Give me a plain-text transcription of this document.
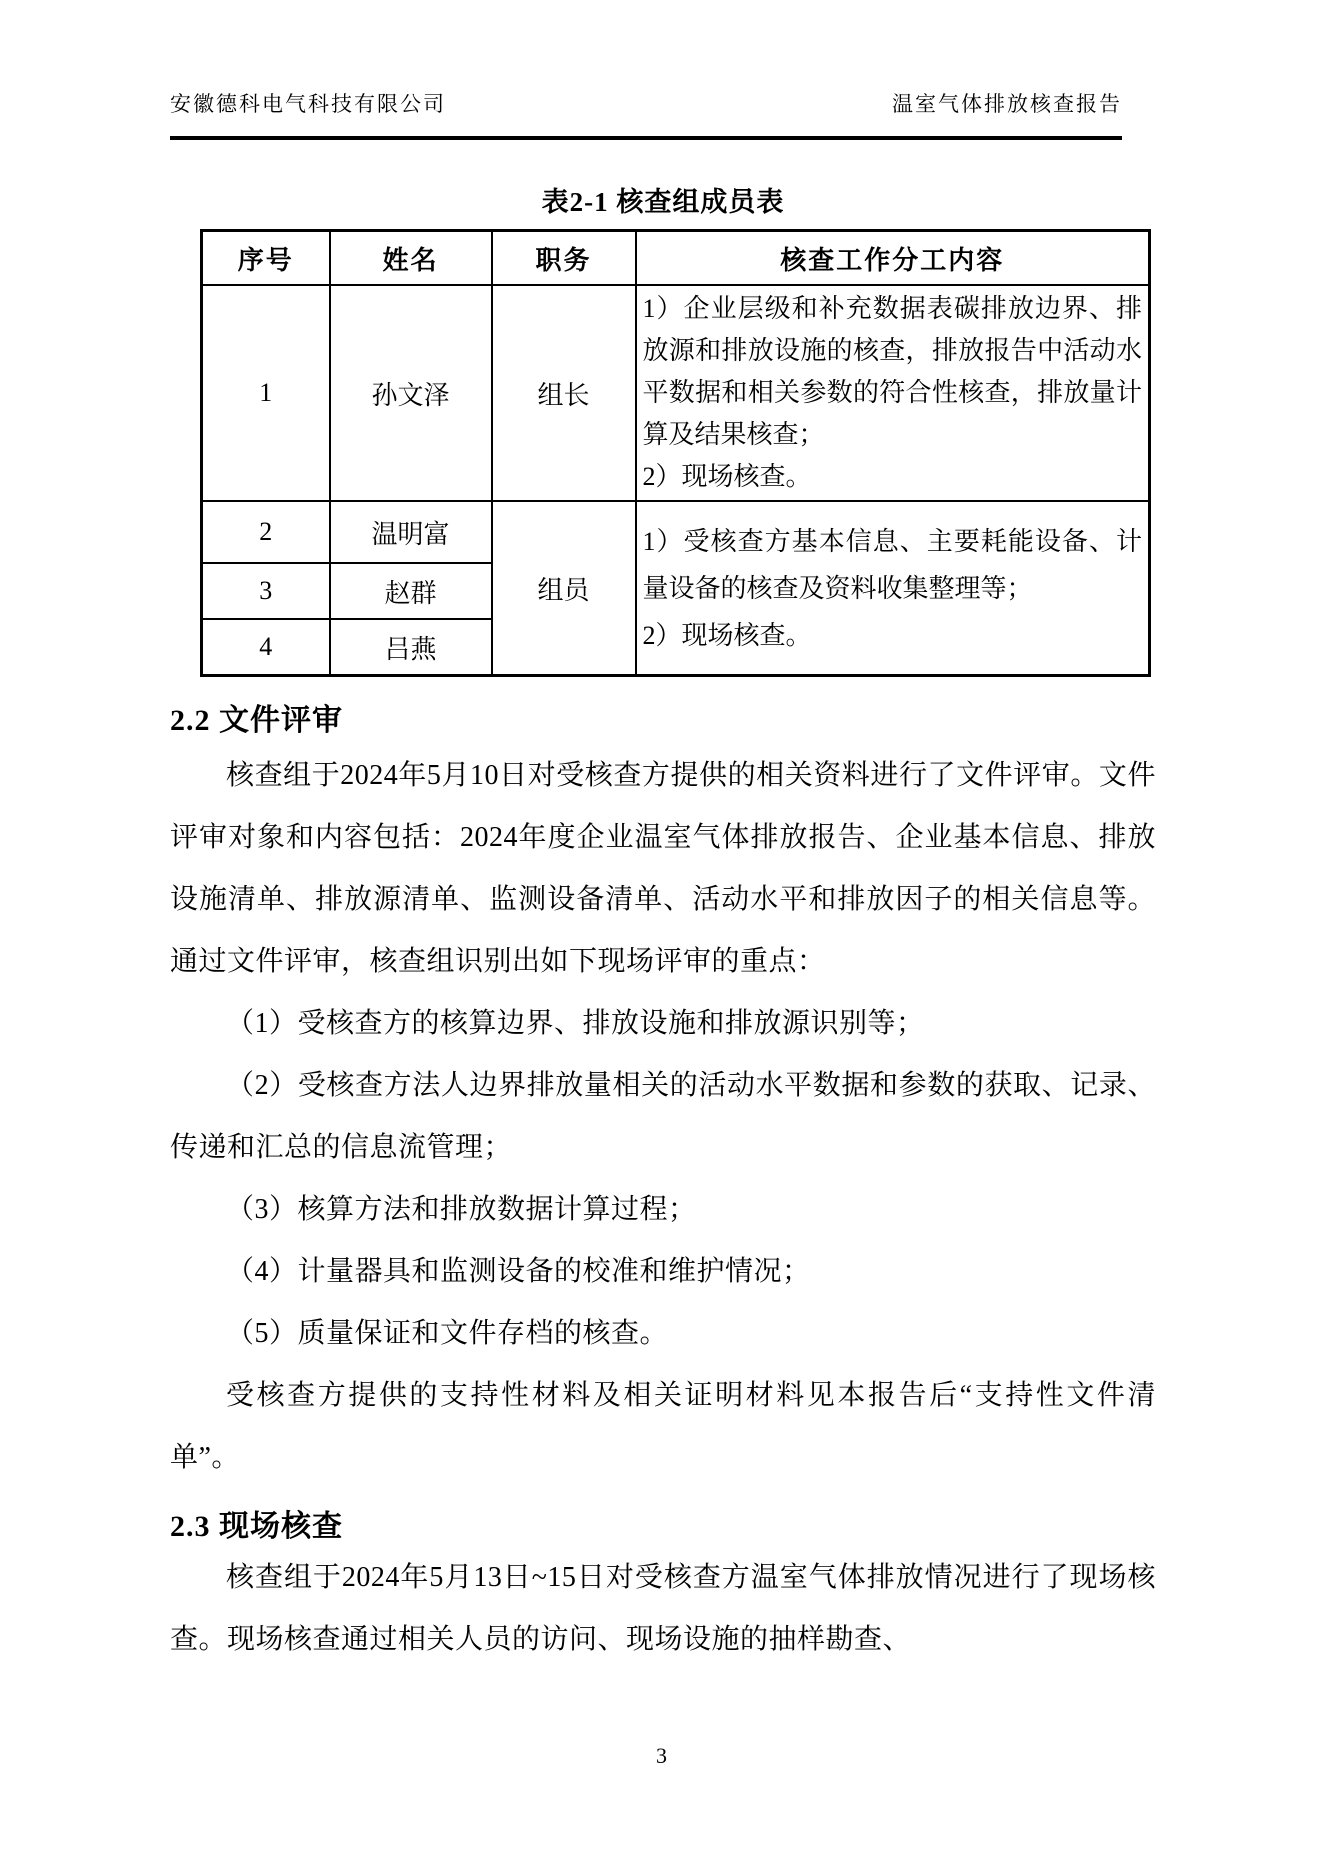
安徽德科电气科技有限公司	温室气体排放核查报告
表2-1 核查组成员表
序号	姓名	职务	核查工作分工内容
1	孙文泽	组长	1）企业层级和补充数据表碳排放边界、排放源和排放设施的核查，排放报告中活动水平数据和相关参数的符合性核查，排放量计算及结果核查；
2）现场核查。

2	温明富	组员	1）受核查方基本信息、主要耗能设备、计量设备的核查及资料收集整理等；
2）现场核查。

3	赵群		
4	吕燕		
2.2 文件评审

核查组于2024年5月10日对受核查方提供的相关资料进行了文件评审。文件评审对象和内容包括：2024年度企业温室气体排放报告、企业基本信息、排放设施清单、排放源清单、监测设备清单、活动水平和排放因子的相关信息等。通过文件评审，核查组识别出如下现场评审的重点：

（1）受核查方的核算边界、排放设施和排放源识别等；

（2）受核查方法人边界排放量相关的活动水平数据和参数的获取、记录、传递和汇总的信息流管理；

（3）核算方法和排放数据计算过程；

（4）计量器具和监测设备的校准和维护情况；

（5）质量保证和文件存档的核查。

受核查方提供的支持性材料及相关证明材料见本报告后“支持性文件清单”。

2.3 现场核查

核查组于2024年5月13日~15日对受核查方温室气体排放情况进行了现场核查。现场核查通过相关人员的访问、现场设施的抽样勘查、

3
